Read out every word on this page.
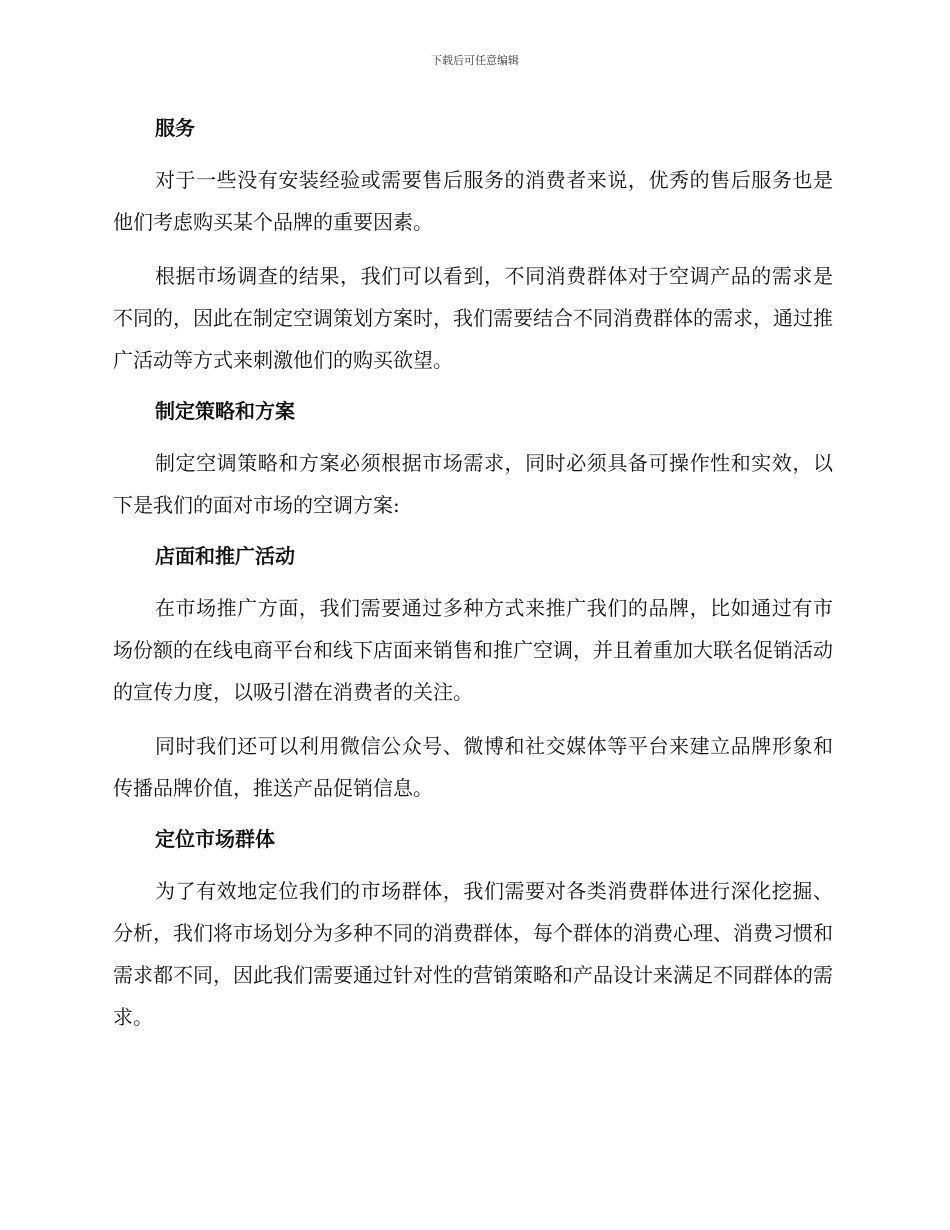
下载后可任意编辑
服务

对于一些没有安装经验或需要售后服务的消费者来说，优秀的售后服务也是他们考虑购买某个品牌的重要因素。

根据市场调查的结果，我们可以看到，不同消费群体对于空调产品的需求是不同的，因此在制定空调策划方案时，我们需要结合不同消费群体的需求，通过推广活动等方式来刺激他们的购买欲望。

制定策略和方案

制定空调策略和方案必须根据市场需求，同时必须具备可操作性和实效，以下是我们的面对市场的空调方案:

店面和推广活动

在市场推广方面，我们需要通过多种方式来推广我们的品牌，比如通过有市场份额的在线电商平台和线下店面来销售和推广空调，并且着重加大联名促销活动的宣传力度，以吸引潜在消费者的关注。

同时我们还可以利用微信公众号、微博和社交媒体等平台来建立品牌形象和传播品牌价值，推送产品促销信息。

定位市场群体

为了有效地定位我们的市场群体，我们需要对各类消费群体进行深化挖掘、分析，我们将市场划分为多种不同的消费群体，每个群体的消费心理、消费习惯和需求都不同，因此我们需要通过针对性的营销策略和产品设计来满足不同群体的需求。
